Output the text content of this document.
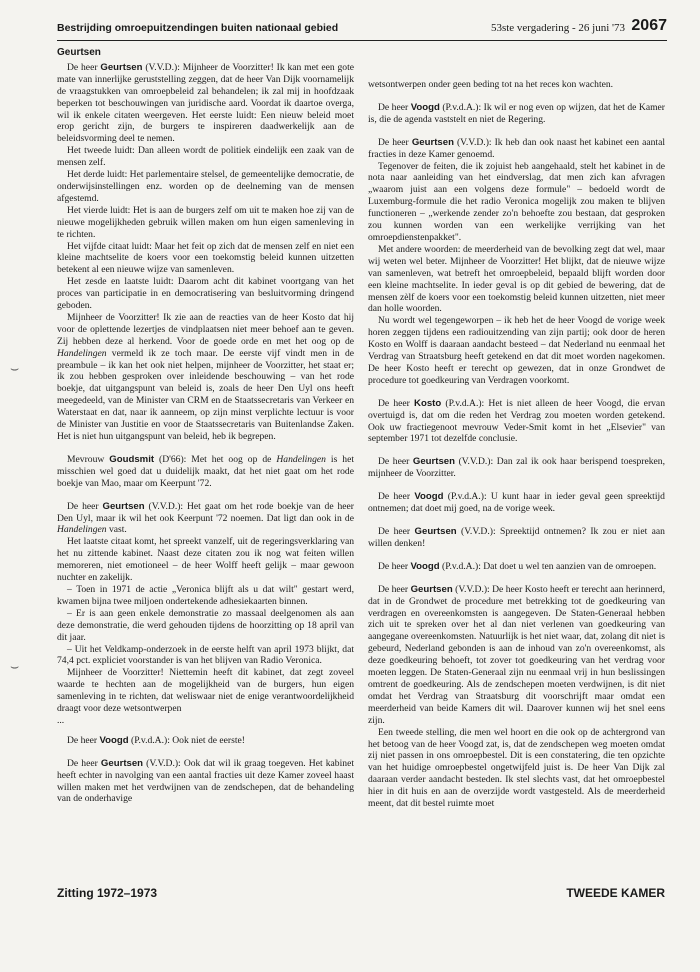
Bestrijding omroepuitzendingen buiten nationaal gebied	53ste vergadering - 26 juni '73 2067
Geurtsen

De heer Geurtsen (V.V.D.): Mijnheer de Voorzitter! Ik kan met een gote mate van innerlijke geruststelling zeggen, dat de heer Van Dijk voornamelijk de vraagstukken van omroepbeleid zal behandelen; ik zal mij in hoofdzaak beperken tot beschouwingen van juridische aard. Voordat ik daartoe overga, wil ik enkele citaten weergeven. Het eerste luidt: Een nieuw beleid moet erop gericht zijn, de burgers te inspireren daadwerkelijk aan de beleidsvorming deel te nemen.

Het tweede luidt: Dan alleen wordt de politiek eindelijk een zaak van de mensen zelf.

Het derde luidt: Het parlementaire stelsel, de gemeentelijke democratie, de onderwijsinstellingen enz. worden op de deelneming van de mensen afgestemd.

Het vierde luidt: Het is aan de burgers zelf om uit te maken hoe zij van de nieuwe mogelijkheden gebruik willen maken om hun eigen samenleving in te richten.

Het vijfde citaat luidt: Maar het feit op zich dat de mensen zelf en niet een kleine machtselite de koers voor een toekomstig beleid kunnen uitzetten betekent al een nieuwe wijze van samenleven.

Het zesde en laatste luidt: Daarom acht dit kabinet voortgang van het proces van participatie in en democratisering van besluitvorming dringend geboden.

Mijnheer de Voorzitter! Ik zie aan de reacties van de heer Kosto dat hij voor de oplettende lezertjes de vindplaatsen niet meer behoef aan te geven. Zij hebben deze al herkend. Voor de goede orde en met het oog op de Handelingen vermeld ik ze toch maar. De eerste vijf vindt men in de preambule – ik kan het ook niet helpen, mijnheer de Voorzitter, het staat er; ik zou hebben gesproken over inleidende beschouwing – van het rode boekje, dat uitgangspunt van beleid is, zoals de heer Den Uyl ons heeft meegedeeld, van de Minister van CRM en de Staatssecretaris van Verkeer en Waterstaat en dat, naar ik aanneem, op zijn minst verplichte lectuur is voor de Minister van Justitie en voor de Staatssecretaris van Buitenlandse Zaken. Het is niet hun uitgangspunt van beleid, heb ik begrepen.

Mevrouw Goudsmit (D'66): Met het oog op de Handelingen is het misschien wel goed dat u duidelijk maakt, dat het niet gaat om het rode boekje van Mao, maar om Keerpunt '72.

De heer Geurtsen (V.V.D.): Het gaat om het rode boekje van de heer Den Uyl, maar ik wil het ook Keerpunt '72 noemen. Dat ligt dan ook in de Handelingen vast.

Het laatste citaat komt, het spreekt vanzelf, uit de regeringsverklaring van het nu zittende kabinet. Naast deze citaten zou ik nog wat feiten willen memoreren, niet emotioneel – de heer Wolff heeft gelijk – maar gewoon nuchter en zakelijk.

– Toen in 1971 de actie „Veronica blijft als u dat wilt" gestart werd, kwamen bijna twee miljoen ondertekende adhesiekaarten binnen.

– Er is aan geen enkele demonstratie zo massaal deelgenomen als aan deze demonstratie, die werd gehouden tijdens de hoorzitting op 18 april van dit jaar.

– Uit het Veldkamp-onderzoek in de eerste helft van april 1973 blijkt, dat 74,4 pct. expliciet voorstander is van het blijven van Radio Veronica.

Mijnheer de Voorzitter! Niettemin heeft dit kabinet, dat zegt zoveel waarde te hechten aan de mogelijkheid van de burgers, hun eigen samenleving in te richten, dat weliswaar niet de enige verantwoordelijkheid draagt voor deze wetsontwerpen

...

De heer Voogd (P.v.d.A.): Ook niet de eerste!

De heer Geurtsen (V.V.D.): Ook dat wil ik graag toegeven. Het kabinet heeft echter in navolging van een aantal fracties uit deze Kamer zoveel haast willen maken met het verdwijnen van de zendschepen, dat de behandeling van de onderhavige

wetsontwerpen onder geen beding tot na het reces kon wachten.

De heer Voogd (P.v.d.A.): Ik wil er nog even op wijzen, dat het de Kamer is, die de agenda vaststelt en niet de Regering.

De heer Geurtsen (V.V.D.): Ik heb dan ook naast het kabinet een aantal fracties in deze Kamer genoemd.

Tegenover de feiten, die ik zojuist heb aangehaald, stelt het kabinet in de nota naar aanleiding van het eindverslag, dat men zich kan afvragen „waarom juist aan een volgens deze formule" – bedoeld wordt de Luxemburg-formule die het radio Veronica mogelijk zou maken te blijven functioneren – „werkende zender zo'n behoefte zou bestaan, dat gesproken zou kunnen worden van een werkelijke verrijking van het omroepdienstenpakket".

Met andere woorden: de meerderheid van de bevolking zegt dat wel, maar wij weten wel beter. Mijnheer de Voorzitter! Het blijkt, dat de nieuwe wijze van samenleven, wat betreft het omroepbeleid, bepaald blijft worden door een kleine machtselite. In ieder geval is op dit gebied de bewering, dat de mensen zèlf de koers voor een toekomstig beleid kunnen uitzetten, niet meer dan holle woorden.

Nu wordt wel tegengeworpen – ik heb het de heer Voogd de vorige week horen zeggen tijdens een radiouitzending van zijn partij; ook door de heren Kosto en Wolff is daaraan aandacht besteed – dat Nederland nu eenmaal het Verdrag van Straatsburg heeft getekend en dat dit moet worden nagekomen. De heer Kosto heeft er terecht op gewezen, dat in onze Grondwet de procedure tot goedkeuring van Verdragen voorkomt.

De heer Kosto (P.v.d.A.): Het is niet alleen de heer Voogd, die ervan overtuigd is, dat om die reden het Verdrag zou moeten worden getekend. Ook uw fractiegenoot mevrouw Veder-Smit komt in het „Elsevier" van september 1971 tot dezelfde conclusie.

De heer Geurtsen (V.V.D.): Dan zal ik ook haar berispend toespreken, mijnheer de Voorzitter.

De heer Voogd (P.v.d.A.): U kunt haar in ieder geval geen spreektijd ontnemen; dat doet mij goed, na de vorige week.

De heer Geurtsen (V.V.D.): Spreektijd ontnemen? Ik zou er niet aan willen denken!

De heer Voogd (P.v.d.A.): Dat doet u wel ten aanzien van de omroepen.

De heer Geurtsen (V.V.D.): De heer Kosto heeft er terecht aan herinnerd, dat in de Grondwet de procedure met betrekking tot de goedkeuring van verdragen en overeenkomsten is aangegeven. De Staten-Generaal hebben zich uit te spreken over het al dan niet verlenen van goedkeuring van aangegane overeenkomsten. Natuurlijk is het niet waar, dat, zolang dit niet is gebeurd, Nederland gebonden is aan de inhoud van zo'n overeenkomst, als deze goedkeuring behoeft, tot zover tot goedkeuring van het verdrag voor moeten leggen. De Staten-Generaal zijn nu eenmaal vrij in hun beslissingen omtrent de goedkeuring. Als de zendschepen moeten verdwijnen, is dit niet omdat het Verdrag van Straatsburg dit voorschrijft maar omdat een meerderheid van beide Kamers dit wil. Daarover kunnen wij het snel eens zijn.

Een tweede stelling, die men wel hoort en die ook op de achtergrond van het betoog van de heer Voogd zat, is, dat de zendschepen weg moeten omdat zij niet passen in ons omroepbestel. Dit is een constatering, die ten opzichte van het huidige omroepbestel ongetwijfeld juist is. De heer Van Dijk zal daaraan verder aandacht besteden. Ik stel slechts vast, dat het omroepbestel hier in dit huis en aan de overzijde wordt vastgesteld. Als de meerderheid meent, dat dit bestel ruimte moet

⌣
⌣
Zitting 1972–1973	TWEEDE KAMER
